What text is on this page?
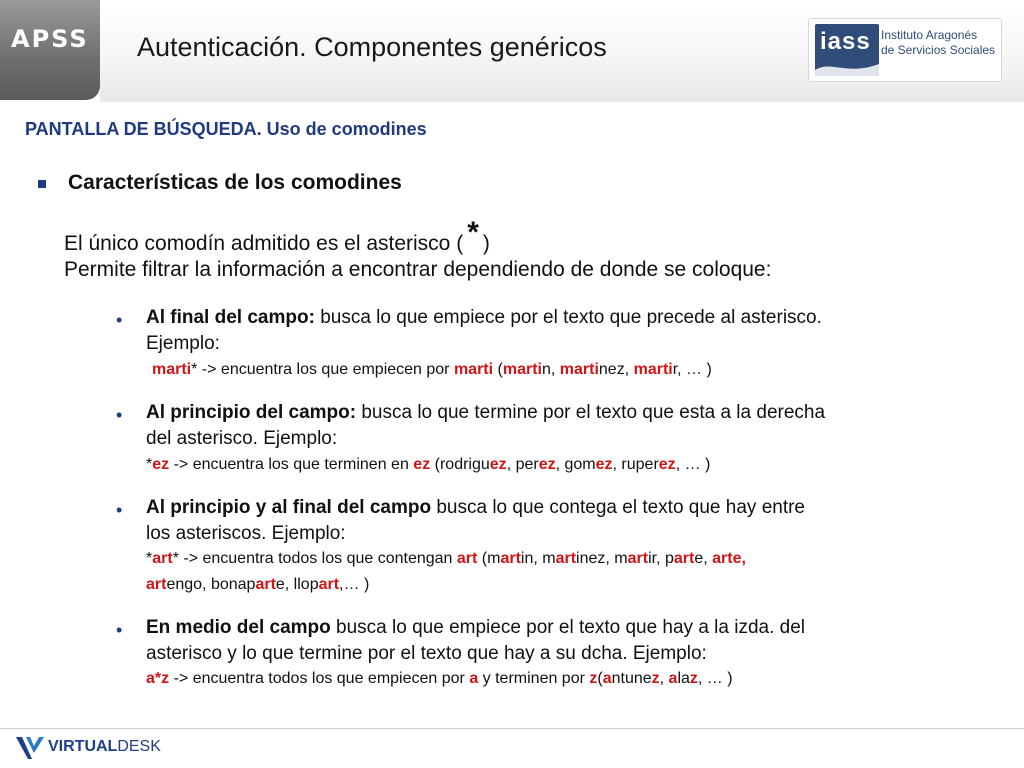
APSS Autenticación. Componentes genéricos	iass Instituto Aragonés
de Servicios Sociales
PANTALLA DE BÚSQUEDA. Uso de comodines
Características de los comodines
El único comodín admitido es el asterisco ( * )
Permite filtrar la información a encontrar dependiendo de donde se coloque:
• Al final del campo: busca lo que empiece por el texto que precede al asterisco.
Ejemplo:
marti* -> encuentra los que empiecen por marti (martin, martinez, martir, … )
• Al principio del campo: busca lo que termine por el texto que esta a la derecha
del asterisco. Ejemplo:
*ez -> encuentra los que terminen en ez (rodriguez, perez, gomez, ruperez, … )
• Al principio y al final del campo busca lo que contega el texto que hay entre
los asteriscos. Ejemplo:
*art* -> encuentra todos los que contengan art (martin, martinez, martir, parte, arte,
artengo, bonaparte, llopart,… )
• En medio del campo busca lo que empiece por el texto que hay a la izda. del
asterisco y lo que termine por el texto que hay a su dcha. Ejemplo:
a*z -> encuentra todos los que empiecen por a y terminen por z(antunez, alaz, … )
VIRTUALDESK
